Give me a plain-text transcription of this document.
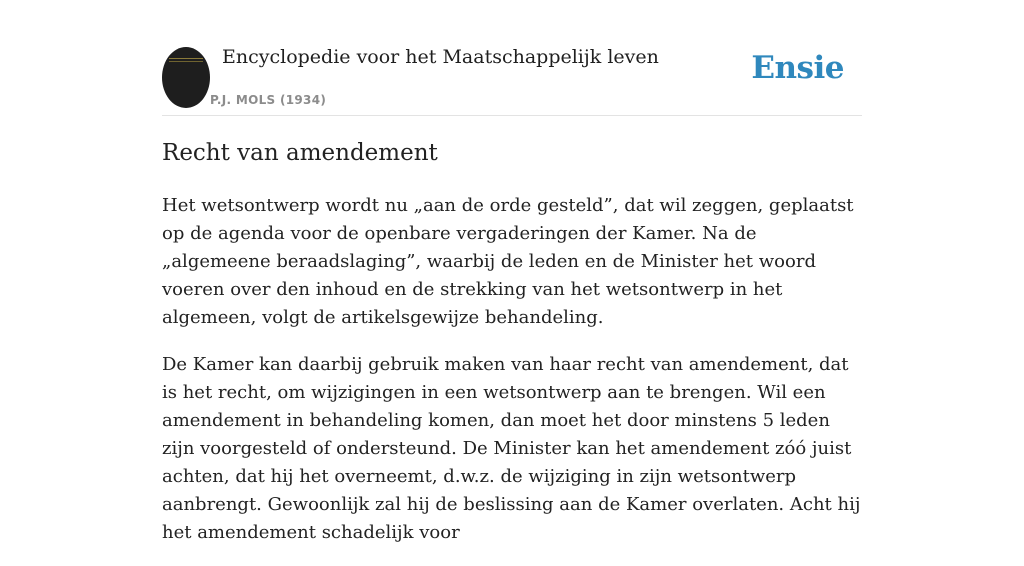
Encyclopedie voor het Maatschappelijk leven
P.J. MOLS (1934)
Ensie
Recht van amendement

Het wetsontwerp wordt nu „aan de orde gesteld”, dat wil zeggen, geplaatst op de agenda voor de openbare vergaderingen der Kamer. Na de „algemeene beraadslaging”, waarbij de leden en de Minister het woord voeren over den inhoud en de strekking van het wetsontwerp in het algemeen, volgt de artikelsgewijze behandeling.

De Kamer kan daarbij gebruik maken van haar recht van amendement, dat is het recht, om wijzigingen in een wetsontwerp aan te brengen. Wil een amendement in behandeling komen, dan moet het door minstens 5 leden zijn voorgesteld of ondersteund. De Minister kan het amendement zóó juist achten, dat hij het overneemt, d.w.z. de wijziging in zijn wetsontwerp aanbrengt. Gewoonlijk zal hij de beslissing aan de Kamer overlaten. Acht hij het amendement schadelijk voor
